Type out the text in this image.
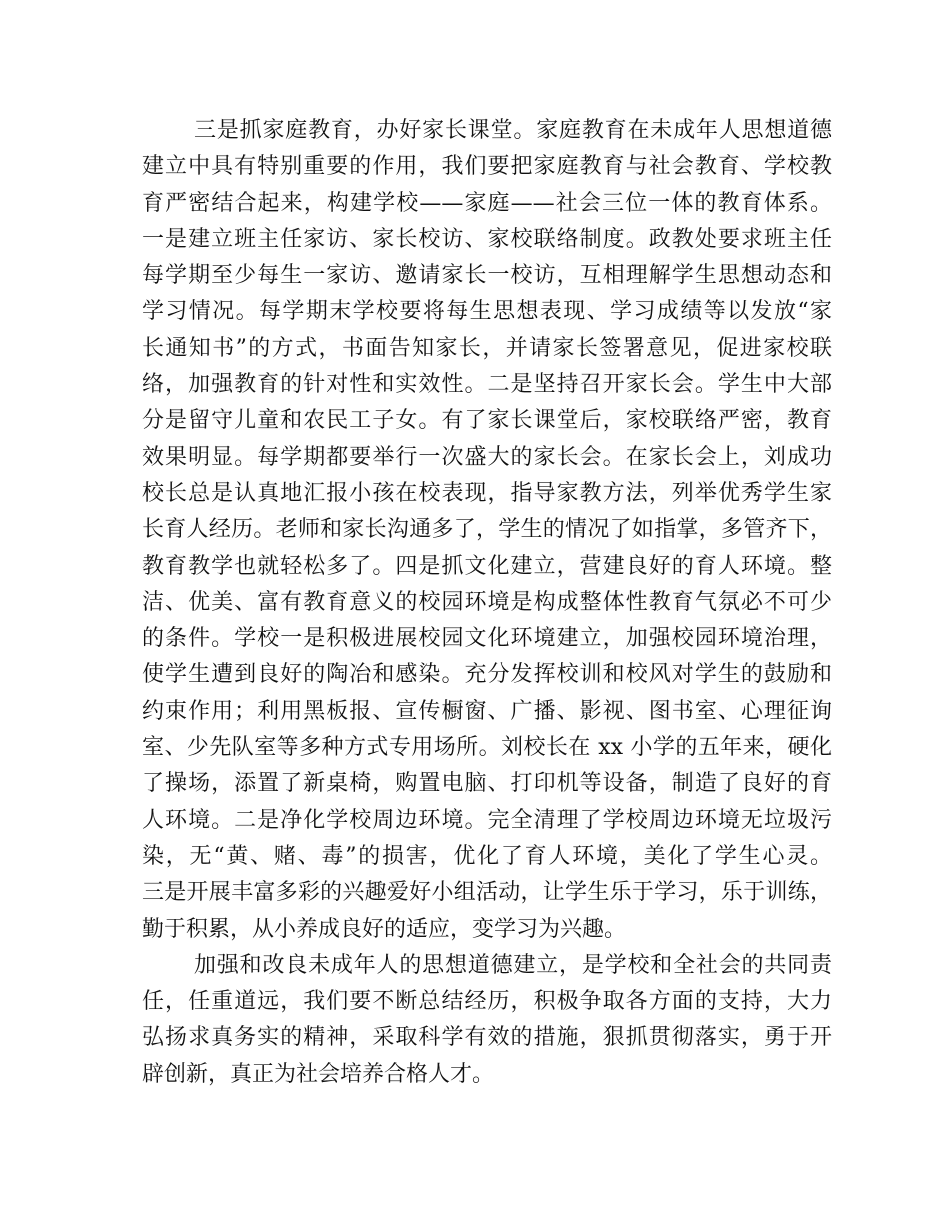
三是抓家庭教育，办好家长课堂。家庭教育在未成年人思想道德
建立中具有特别重要的作用，我们要把家庭教育与社会教育、学校教
育严密结合起来，构建学校——家庭——社会三位一体的教育体系。
一是建立班主任家访、家长校访、家校联络制度。政教处要求班主任
每学期至少每生一家访、邀请家长一校访，互相理解学生思想动态和
学习情况。每学期末学校要将每生思想表现、学习成绩等以发放“家
长通知书”的方式，书面告知家长，并请家长签署意见，促进家校联
络，加强教育的针对性和实效性。二是坚持召开家长会。学生中大部
分是留守儿童和农民工子女。有了家长课堂后，家校联络严密，教育
效果明显。每学期都要举行一次盛大的家长会。在家长会上，刘成功
校长总是认真地汇报小孩在校表现，指导家教方法，列举优秀学生家
长育人经历。老师和家长沟通多了，学生的情况了如指掌，多管齐下，
教育教学也就轻松多了。四是抓文化建立，营建良好的育人环境。整
洁、优美、富有教育意义的校园环境是构成整体性教育气氛必不可少
的条件。学校一是积极进展校园文化环境建立，加强校园环境治理，
使学生遭到良好的陶冶和感染。充分发挥校训和校风对学生的鼓励和
约束作用；利用黑板报、宣传橱窗、广播、影视、图书室、心理征询
室、少先队室等多种方式专用场所。刘校长在 xx 小学的五年来，硬化
了操场，添置了新桌椅，购置电脑、打印机等设备，制造了良好的育
人环境。二是净化学校周边环境。完全清理了学校周边环境无垃圾污
染，无“黄、赌、毒”的损害，优化了育人环境，美化了学生心灵。
三是开展丰富多彩的兴趣爱好小组活动，让学生乐于学习，乐于训练，
勤于积累，从小养成良好的适应，变学习为兴趣。
加强和改良未成年人的思想道德建立，是学校和全社会的共同责
任，任重道远，我们要不断总结经历，积极争取各方面的支持，大力
弘扬求真务实的精神，采取科学有效的措施，狠抓贯彻落实，勇于开
辟创新，真正为社会培养合格人才。
